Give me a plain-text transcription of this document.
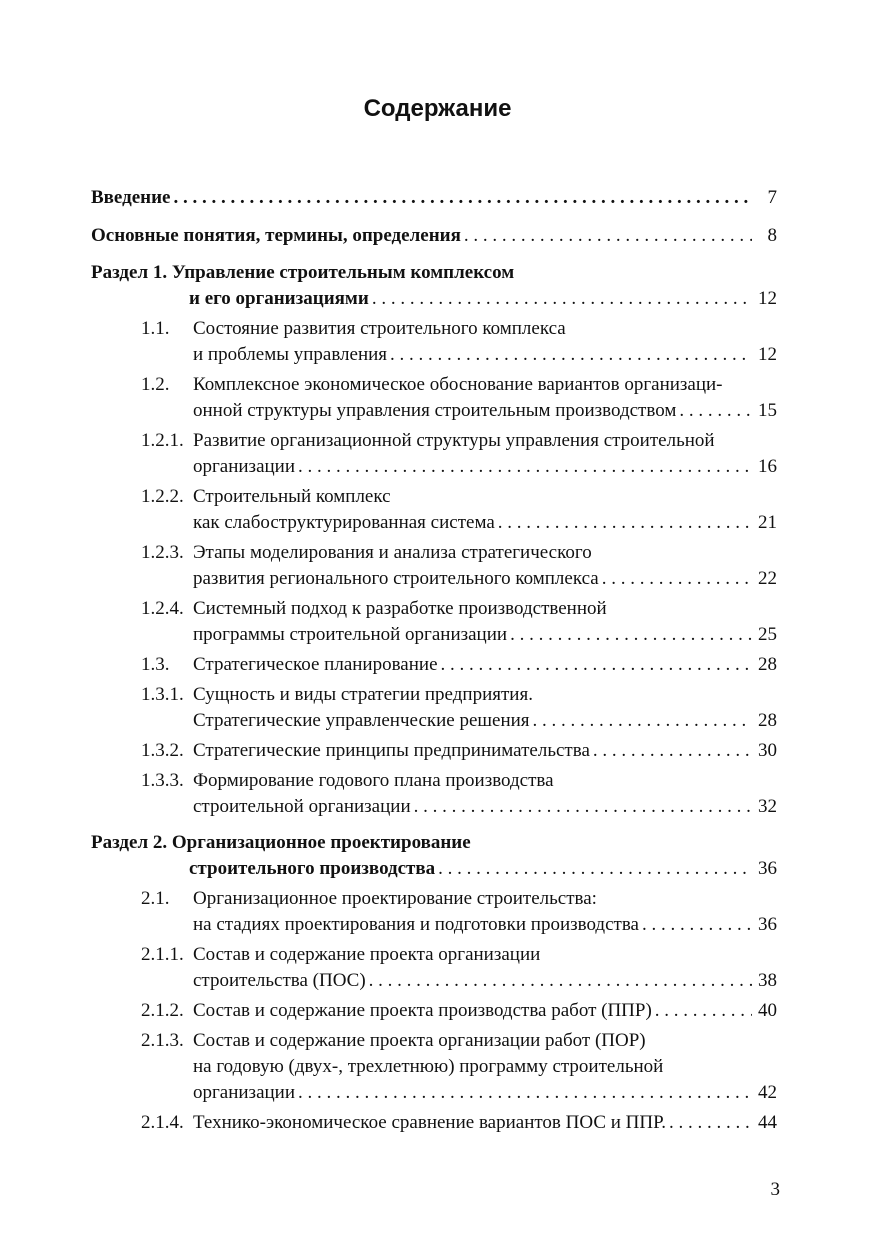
Содержание
Введение . . .	7
Основные понятия, термины, определения . . .	8
Раздел 1. Управление строительным комплексом
и его организациями . . .	12
1.1. Состояние развития строительного комплекса
и проблемы управления . . .	12
1.2. Комплексное экономическое обоснование вариантов организаци-
онной структуры управления строительным производством . . .	15
1.2.1. Развитие организационной структуры управления строительной
организации . . .	16
1.2.2. Строительный комплекс
как слабоструктурированная система . . .	21
1.2.3. Этапы моделирования и анализа стратегического
развития регионального строительного комплекса . . .	22
1.2.4. Системный подход к разработке производственной
программы строительной организации . . .	25
1.3. Стратегическое планирование . . .	28
1.3.1. Сущность и виды стратегии предприятия.
Стратегические управленческие решения . . .	28
1.3.2. Стратегические принципы предпринимательства . . .	30
1.3.3. Формирование годового плана производства
строительной организации . . .	32
Раздел 2. Организационное проектирование
строительного производства . . .	36
2.1. Организационное проектирование строительства:
на стадиях проектирования и подготовки производства . . .	36
2.1.1. Состав и содержание проекта организации
строительства (ПОС) . . .	38
2.1.2. Состав и содержание проекта производства работ (ППР) . . .	40
2.1.3. Состав и содержание проекта организации работ (ПОР)
на годовую (двух-, трехлетнюю) программу строительной
организации . . .	42
2.1.4. Технико-экономическое сравнение вариантов ПОС и ППР. . . .	44
3
